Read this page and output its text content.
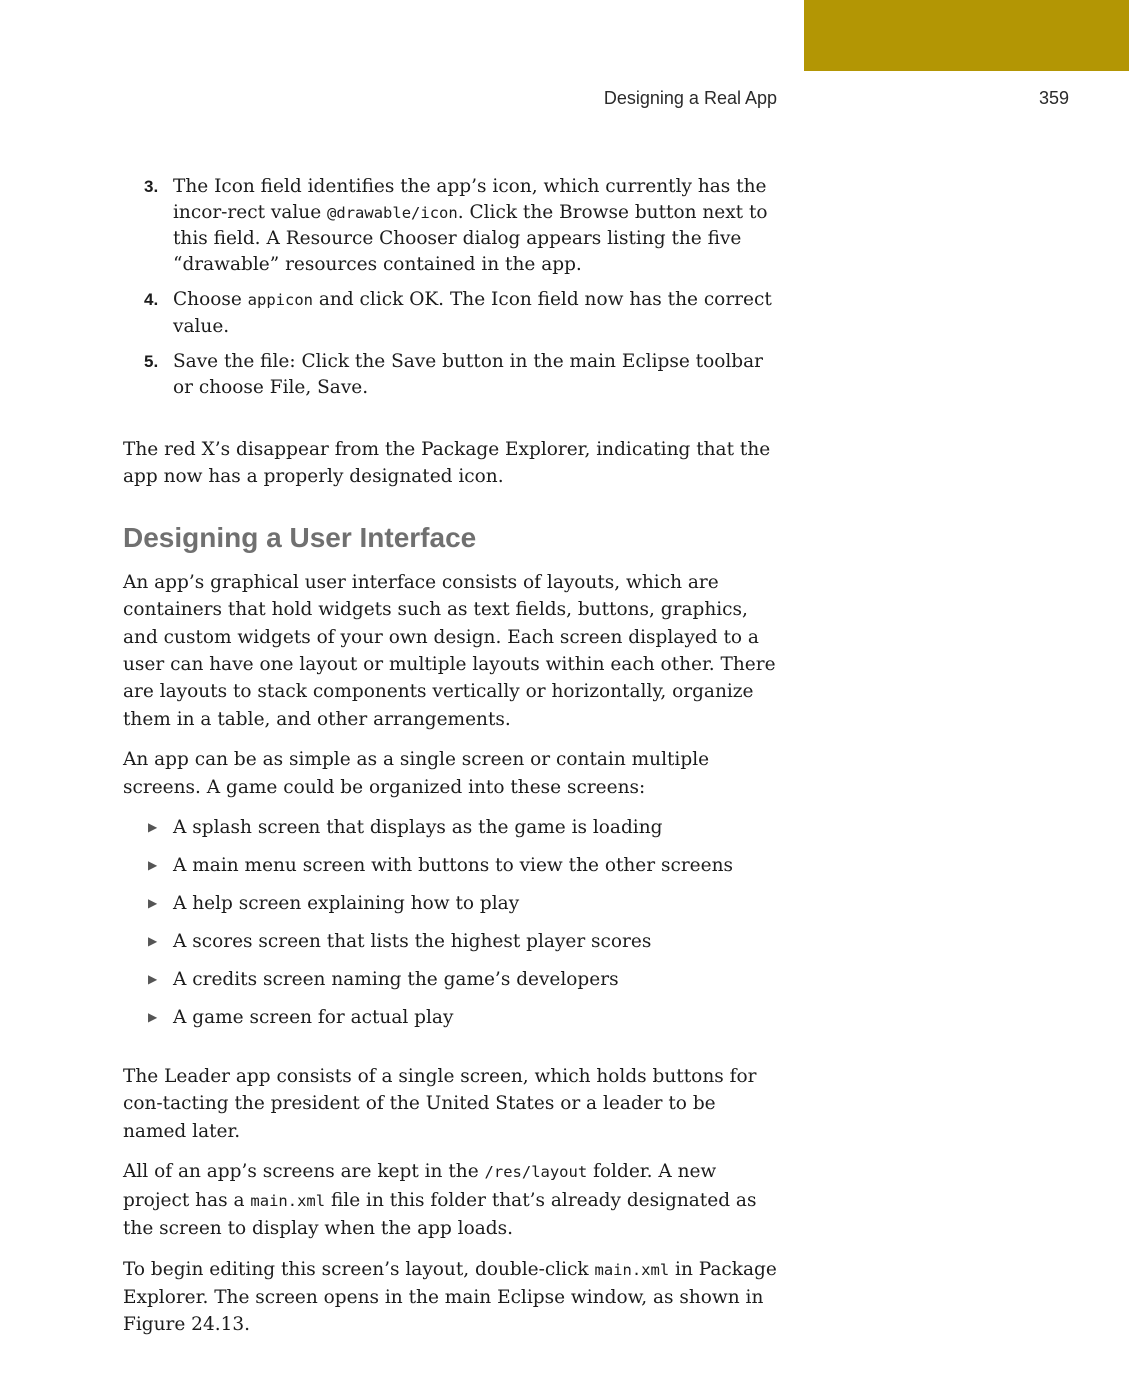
Designing a Real App	359
3. The Icon field identifies the app’s icon, which currently has the incor-rect value @drawable/icon. Click the Browse button next to this field. A Resource Chooser dialog appears listing the five “drawable” resources contained in the app.
4. Choose appicon and click OK. The Icon field now has the correct value.
5. Save the file: Click the Save button in the main Eclipse toolbar or choose File, Save.

The red X’s disappear from the Package Explorer, indicating that the app now has a properly designated icon.

Designing a User Interface

An app’s graphical user interface consists of layouts, which are containers that hold widgets such as text fields, buttons, graphics, and custom widgets of your own design. Each screen displayed to a user can have one layout or multiple layouts within each other. There are layouts to stack components vertically or horizontally, organize them in a table, and other arrangements.

An app can be as simple as a single screen or contain multiple screens. A game could be organized into these screens:

▶ A splash screen that displays as the game is loading
▶ A main menu screen with buttons to view the other screens
▶ A help screen explaining how to play
▶ A scores screen that lists the highest player scores
▶ A credits screen naming the game’s developers
▶ A game screen for actual play

The Leader app consists of a single screen, which holds buttons for con-tacting the president of the United States or a leader to be named later.

All of an app’s screens are kept in the /res/layout folder. A new project has a main.xml file in this folder that’s already designated as the screen to display when the app loads.

To begin editing this screen’s layout, double-click main.xml in Package Explorer. The screen opens in the main Eclipse window, as shown in Figure 24.13.
